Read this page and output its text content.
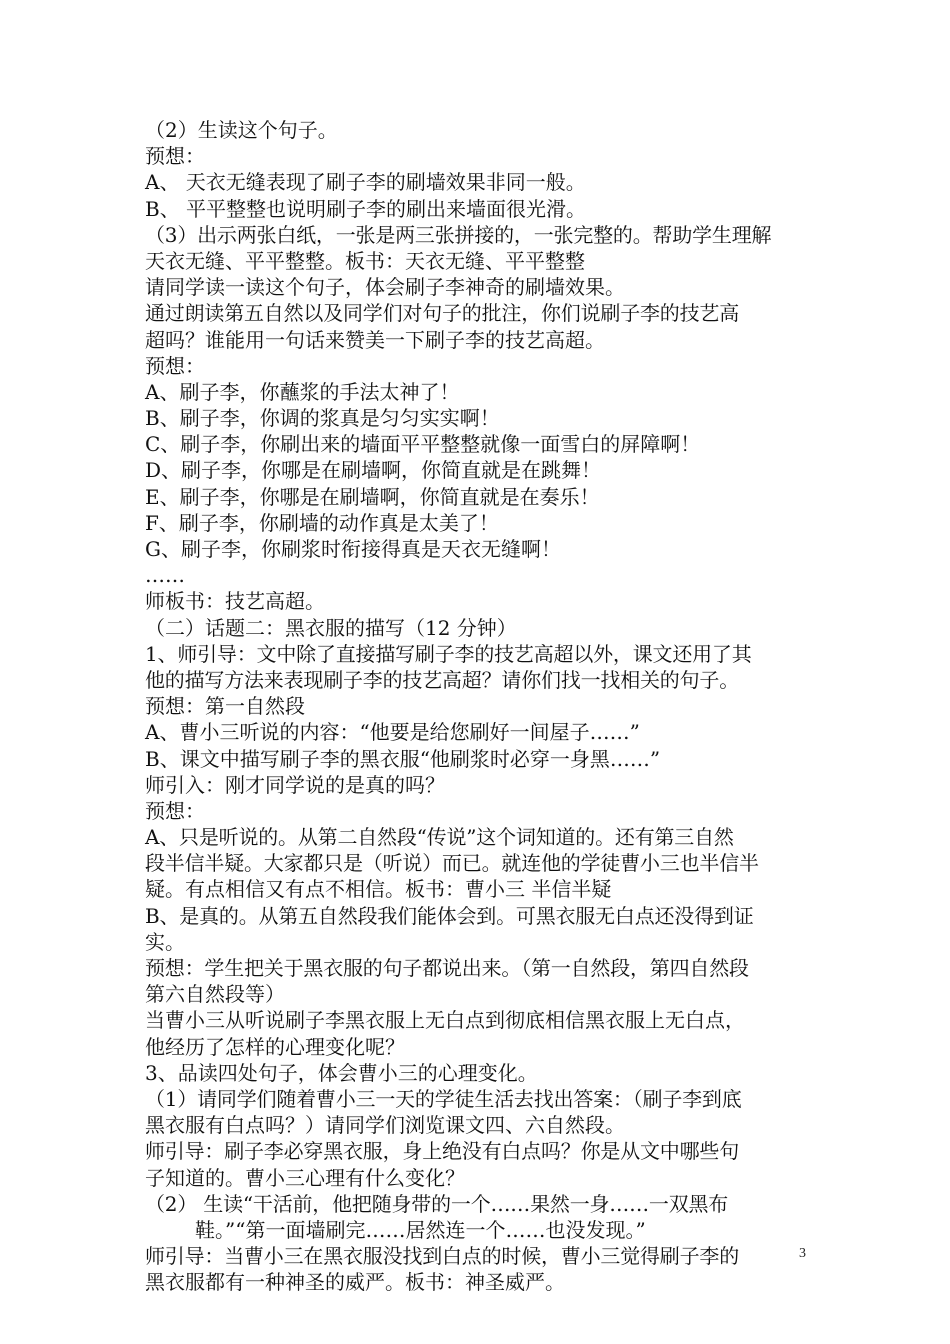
（2）生读这个句子。
预想：
A、 天衣无缝表现了刷子李的刷墙效果非同一般。
B、 平平整整也说明刷子李的刷出来墙面很光滑。
（3）出示两张白纸，一张是两三张拼接的，一张完整的。帮助学生理解
天衣无缝、平平整整。板书：天衣无缝、平平整整
请同学读一读这个句子，体会刷子李神奇的刷墙效果。
通过朗读第五自然以及同学们对句子的批注，你们说刷子李的技艺高
超吗？谁能用一句话来赞美一下刷子李的技艺高超。
预想：
A、刷子李，你蘸浆的手法太神了！
B、刷子李，你调的浆真是匀匀实实啊！
C、刷子李，你刷出来的墙面平平整整就像一面雪白的屏障啊！
D、刷子李，你哪是在刷墙啊，你简直就是在跳舞！
E、刷子李，你哪是在刷墙啊，你简直就是在奏乐！
F、刷子李，你刷墙的动作真是太美了！
G、刷子李，你刷浆时衔接得真是天衣无缝啊！
……
师板书：技艺高超。
（二）话题二：黑衣服的描写（12 分钟）
1、师引导：文中除了直接描写刷子李的技艺高超以外，课文还用了其
他的描写方法来表现刷子李的技艺高超？请你们找一找相关的句子。
预想：第一自然段
A、曹小三听说的内容：“他要是给您刷好一间屋子……”
B、课文中描写刷子李的黑衣服“他刷浆时必穿一身黑……”
师引入：刚才同学说的是真的吗？
预想：
A、只是听说的。从第二自然段“传说”这个词知道的。还有第三自然
段半信半疑。大家都只是（听说）而已。就连他的学徒曹小三也半信半
疑。有点相信又有点不相信。板书：曹小三 半信半疑
B、是真的。从第五自然段我们能体会到。可黑衣服无白点还没得到证
实。
预想：学生把关于黑衣服的句子都说出来。（第一自然段，第四自然段
第六自然段等）
当曹小三从听说刷子李黑衣服上无白点到彻底相信黑衣服上无白点，
他经历了怎样的心理变化呢？
3、品读四处句子，体会曹小三的心理变化。
（1）请同学们随着曹小三一天的学徒生活去找出答案：（刷子李到底
黑衣服有白点吗？）请同学们浏览课文四、六自然段。
师引导：刷子李必穿黑衣服，身上绝没有白点吗？你是从文中哪些句
子知道的。曹小三心理有什么变化？
（2） 生读“干活前，他把随身带的一个……果然一身……一双黑布
鞋。”“第一面墙刷完……居然连一个……也没发现。”
师引导：当曹小三在黑衣服没找到白点的时候，曹小三觉得刷子李的
黑衣服都有一种神圣的威严。板书：神圣威严。
3
